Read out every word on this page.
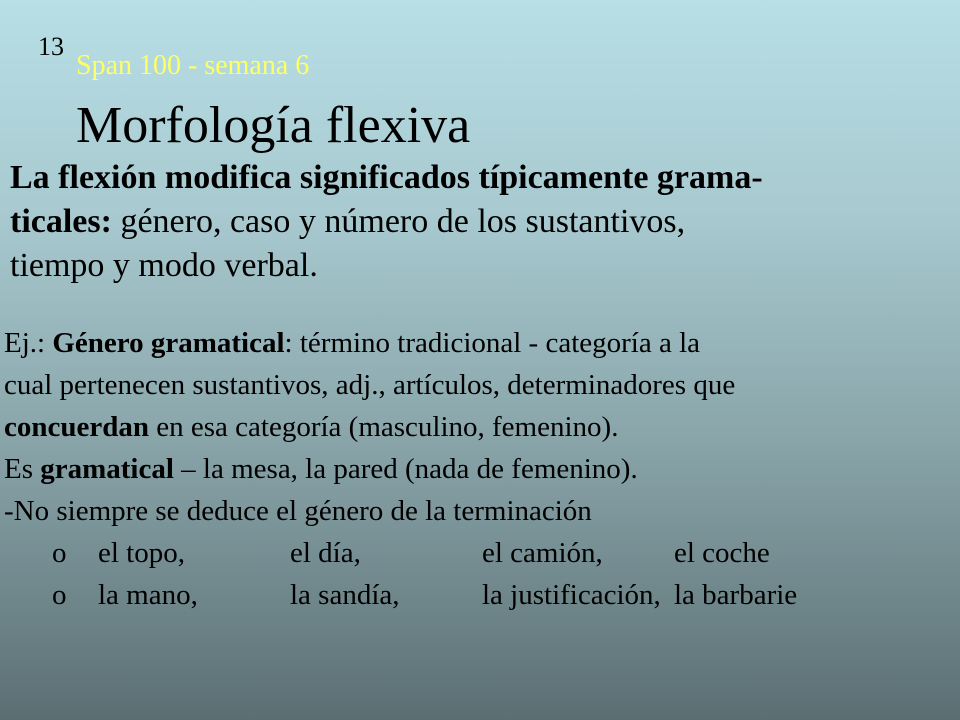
13
Span 100 - semana 6
Morfología flexiva
La flexión modifica significados típicamente grama-
ticales: género, caso y número de los sustantivos,
tiempo y modo verbal.
Ej.: Género gramatical: término tradicional - categoría a la
cual pertenecen sustantivos, adj., artículos, determinadores que
concuerdan en esa categoría (masculino, femenino).
Es gramatical – la mesa, la pared (nada de femenino).
-No siempre se deduce el género de la terminación
o	el topo,	el día,	el camión,	el coche
o	la mano,	la sandía,	la justificación, la barbarie
